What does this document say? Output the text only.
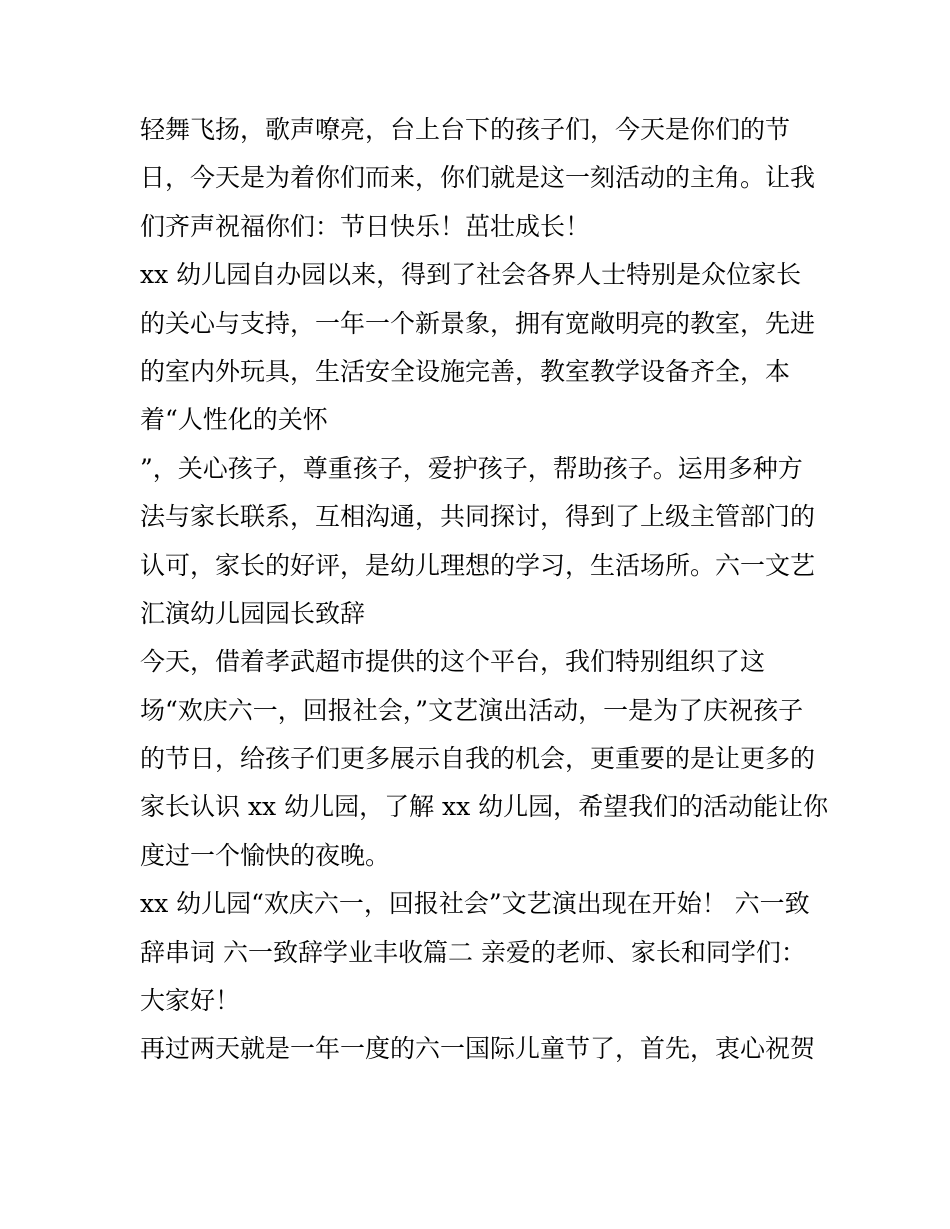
轻舞飞扬，歌声嘹亮，台上台下的孩子们，今天是你们的节
日，今天是为着你们而来，你们就是这一刻活动的主角。让我
们齐声祝福你们：节日快乐！茁壮成长！
xx 幼儿园自办园以来，得到了社会各界人士特别是众位家长
的关心与支持，一年一个新景象，拥有宽敞明亮的教室，先进
的室内外玩具，生活安全设施完善，教室教学设备齐全，本
着“人性化的关怀
”，关心孩子，尊重孩子，爱护孩子，帮助孩子。运用多种方
法与家长联系，互相沟通，共同探讨，得到了上级主管部门的
认可，家长的好评，是幼儿理想的学习，生活场所。六一文艺
汇演幼儿园园长致辞
今天，借着孝武超市提供的这个平台，我们特别组织了这
场“欢庆六一，回报社会，”文艺演出活动，一是为了庆祝孩子
的节日，给孩子们更多展示自我的机会，更重要的是让更多的
家长认识 xx 幼儿园，了解 xx 幼儿园，希望我们的活动能让你
度过一个愉快的夜晚。
xx 幼儿园“欢庆六一，回报社会”文艺演出现在开始！ 六一致
辞串词 六一致辞学业丰收篇二 亲爱的老师、家长和同学们：
大家好！
再过两天就是一年一度的六一国际儿童节了，首先，衷心祝贺
